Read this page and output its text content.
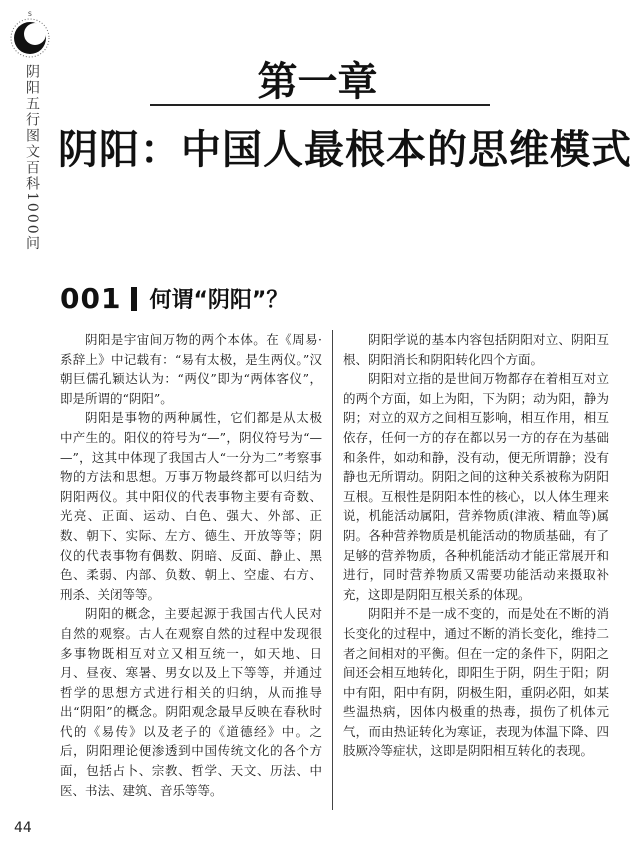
S
阴阳五行图文百科1000问	第一章
阴阳：中国人最根本的思维模式
001 何谓“阴阳”？

阴阳是宇宙间万物的两个本体。在《周易·系辞上》中记载有：“易有太极，是生两仪。”汉朝巨儒孔颖达认为：“两仪”即为“两体客仪”，即是所谓的“阴阳”。

阴阳是事物的两种属性，它们都是从太极中产生的。阳仪的符号为“—”，阴仪符号为“— —”，这其中体现了我国古人“一分为二”考察事物的方法和思想。万事万物最终都可以归结为阴阳两仪。其中阳仪的代表事物主要有奇数、光亮、正面、运动、白色、强大、外部、正数、朝下、实际、左方、德生、开放等等；阴仪的代表事物有偶数、阴暗、反面、静止、黑色、柔弱、内部、负数、朝上、空虚、右方、刑杀、关闭等等。

阴阳的概念，主要起源于我国古代人民对自然的观察。古人在观察自然的过程中发现很多事物既相互对立又相互统一，如天地、日月、昼夜、寒暑、男女以及上下等等，并通过哲学的思想方式进行相关的归纳，从而推导出“阴阳”的概念。阴阳观念最早反映在春秋时代的《易传》以及老子的《道德经》中。之后，阴阳理论便渗透到中国传统文化的各个方面，包括占卜、宗教、哲学、天文、历法、中医、书法、建筑、音乐等等。

阴阳学说的基本内容包括阴阳对立、阴阳互根、阴阳消长和阴阳转化四个方面。

阴阳对立指的是世间万物都存在着相互对立的两个方面，如上为阳，下为阴；动为阳，静为阴；对立的双方之间相互影响，相互作用，相互依存，任何一方的存在都以另一方的存在为基础和条件，如动和静，没有动，便无所谓静；没有静也无所谓动。阴阳之间的这种关系被称为阴阳互根。互根性是阴阳本性的核心，以人体生理来说，机能活动属阳，营养物质(津液、精血等)属阴。各种营养物质是机能活动的物质基础，有了足够的营养物质，各种机能活动才能正常展开和进行，同时营养物质又需要功能活动来摄取补充，这即是阴阳互根关系的体现。

阴阳并不是一成不变的，而是处在不断的消长变化的过程中，通过不断的消长变化，维持二者之间相对的平衡。但在一定的条件下，阴阳之间还会相互地转化，即阳生于阴，阴生于阳；阴中有阳，阳中有阴，阴极生阳，重阴必阳，如某些温热病，因体内极重的热毒，损伤了机体元气，而由热证转化为寒证，表现为体温下降、四肢厥冷等症状，这即是阴阳相互转化的表现。

44
